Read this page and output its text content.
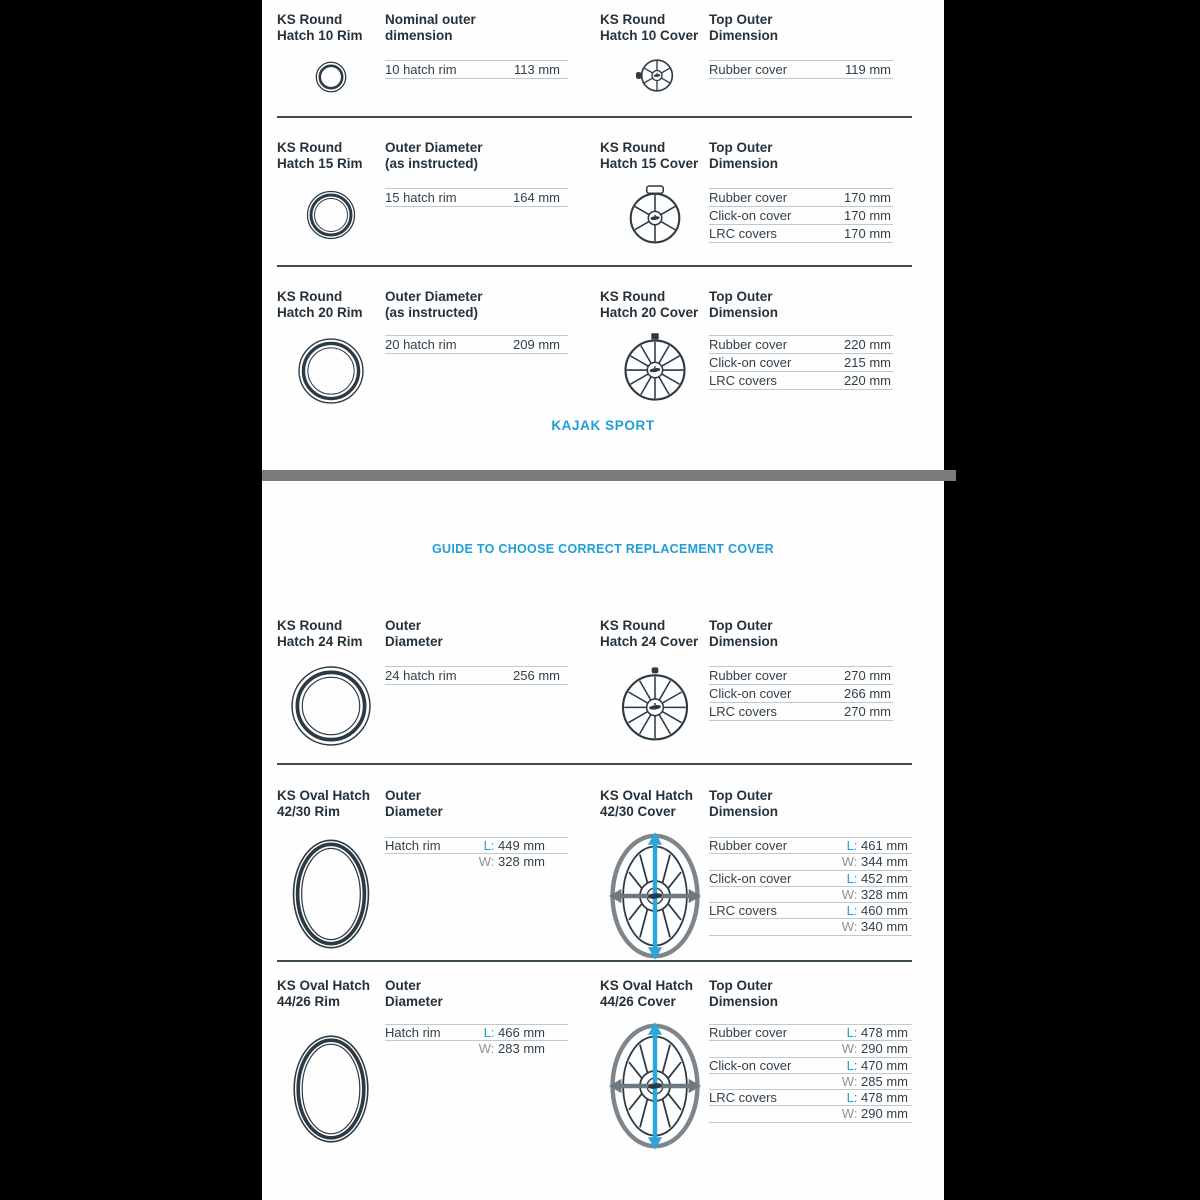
KS Round
Hatch 10 Rim
Nominal outer
dimension
10 hatch rim	113 mm
KS Round
Hatch 10 Cover
Top Outer
Dimension
Rubber cover	119 mm
KS Round
Hatch 15 Rim
Outer Diameter
(as instructed)
15 hatch rim	164 mm
KS Round
Hatch 15 Cover
Top Outer
Dimension
Rubber cover	170 mm
Click-on cover	170 mm
LRC covers	170 mm
KS Round
Hatch 20 Rim
Outer Diameter
(as instructed)
20 hatch rim	209 mm
KS Round
Hatch 20 Cover
Top Outer
Dimension
Rubber cover	220 mm
Click-on cover	215 mm
LRC covers	220 mm
KAJAK SPORT
GUIDE TO CHOOSE CORRECT REPLACEMENT COVER
KS Round
Hatch 24 Rim
Outer
Diameter
24 hatch rim	256 mm
KS Round
Hatch 24 Cover
Top Outer
Dimension
Rubber cover	270 mm
Click-on cover	266 mm
LRC covers	270 mm
KS Oval Hatch
42/30 Rim
Outer
Diameter
Hatch rim	L: 449 mm
W: 328 mm
KS Oval Hatch
42/30 Cover
Top Outer
Dimension
Rubber cover	L: 461 mm
W: 344 mm
Click-on cover	L: 452 mm
W: 328 mm
LRC covers	L: 460 mm
W: 340 mm
KS Oval Hatch
44/26 Rim
Outer
Diameter
Hatch rim	L: 466 mm
W: 283 mm
KS Oval Hatch
44/26 Cover
Top Outer
Dimension
Rubber cover	L: 478 mm
W: 290 mm
Click-on cover	L: 470 mm
W: 285 mm
LRC covers	L: 478 mm
W: 290 mm
